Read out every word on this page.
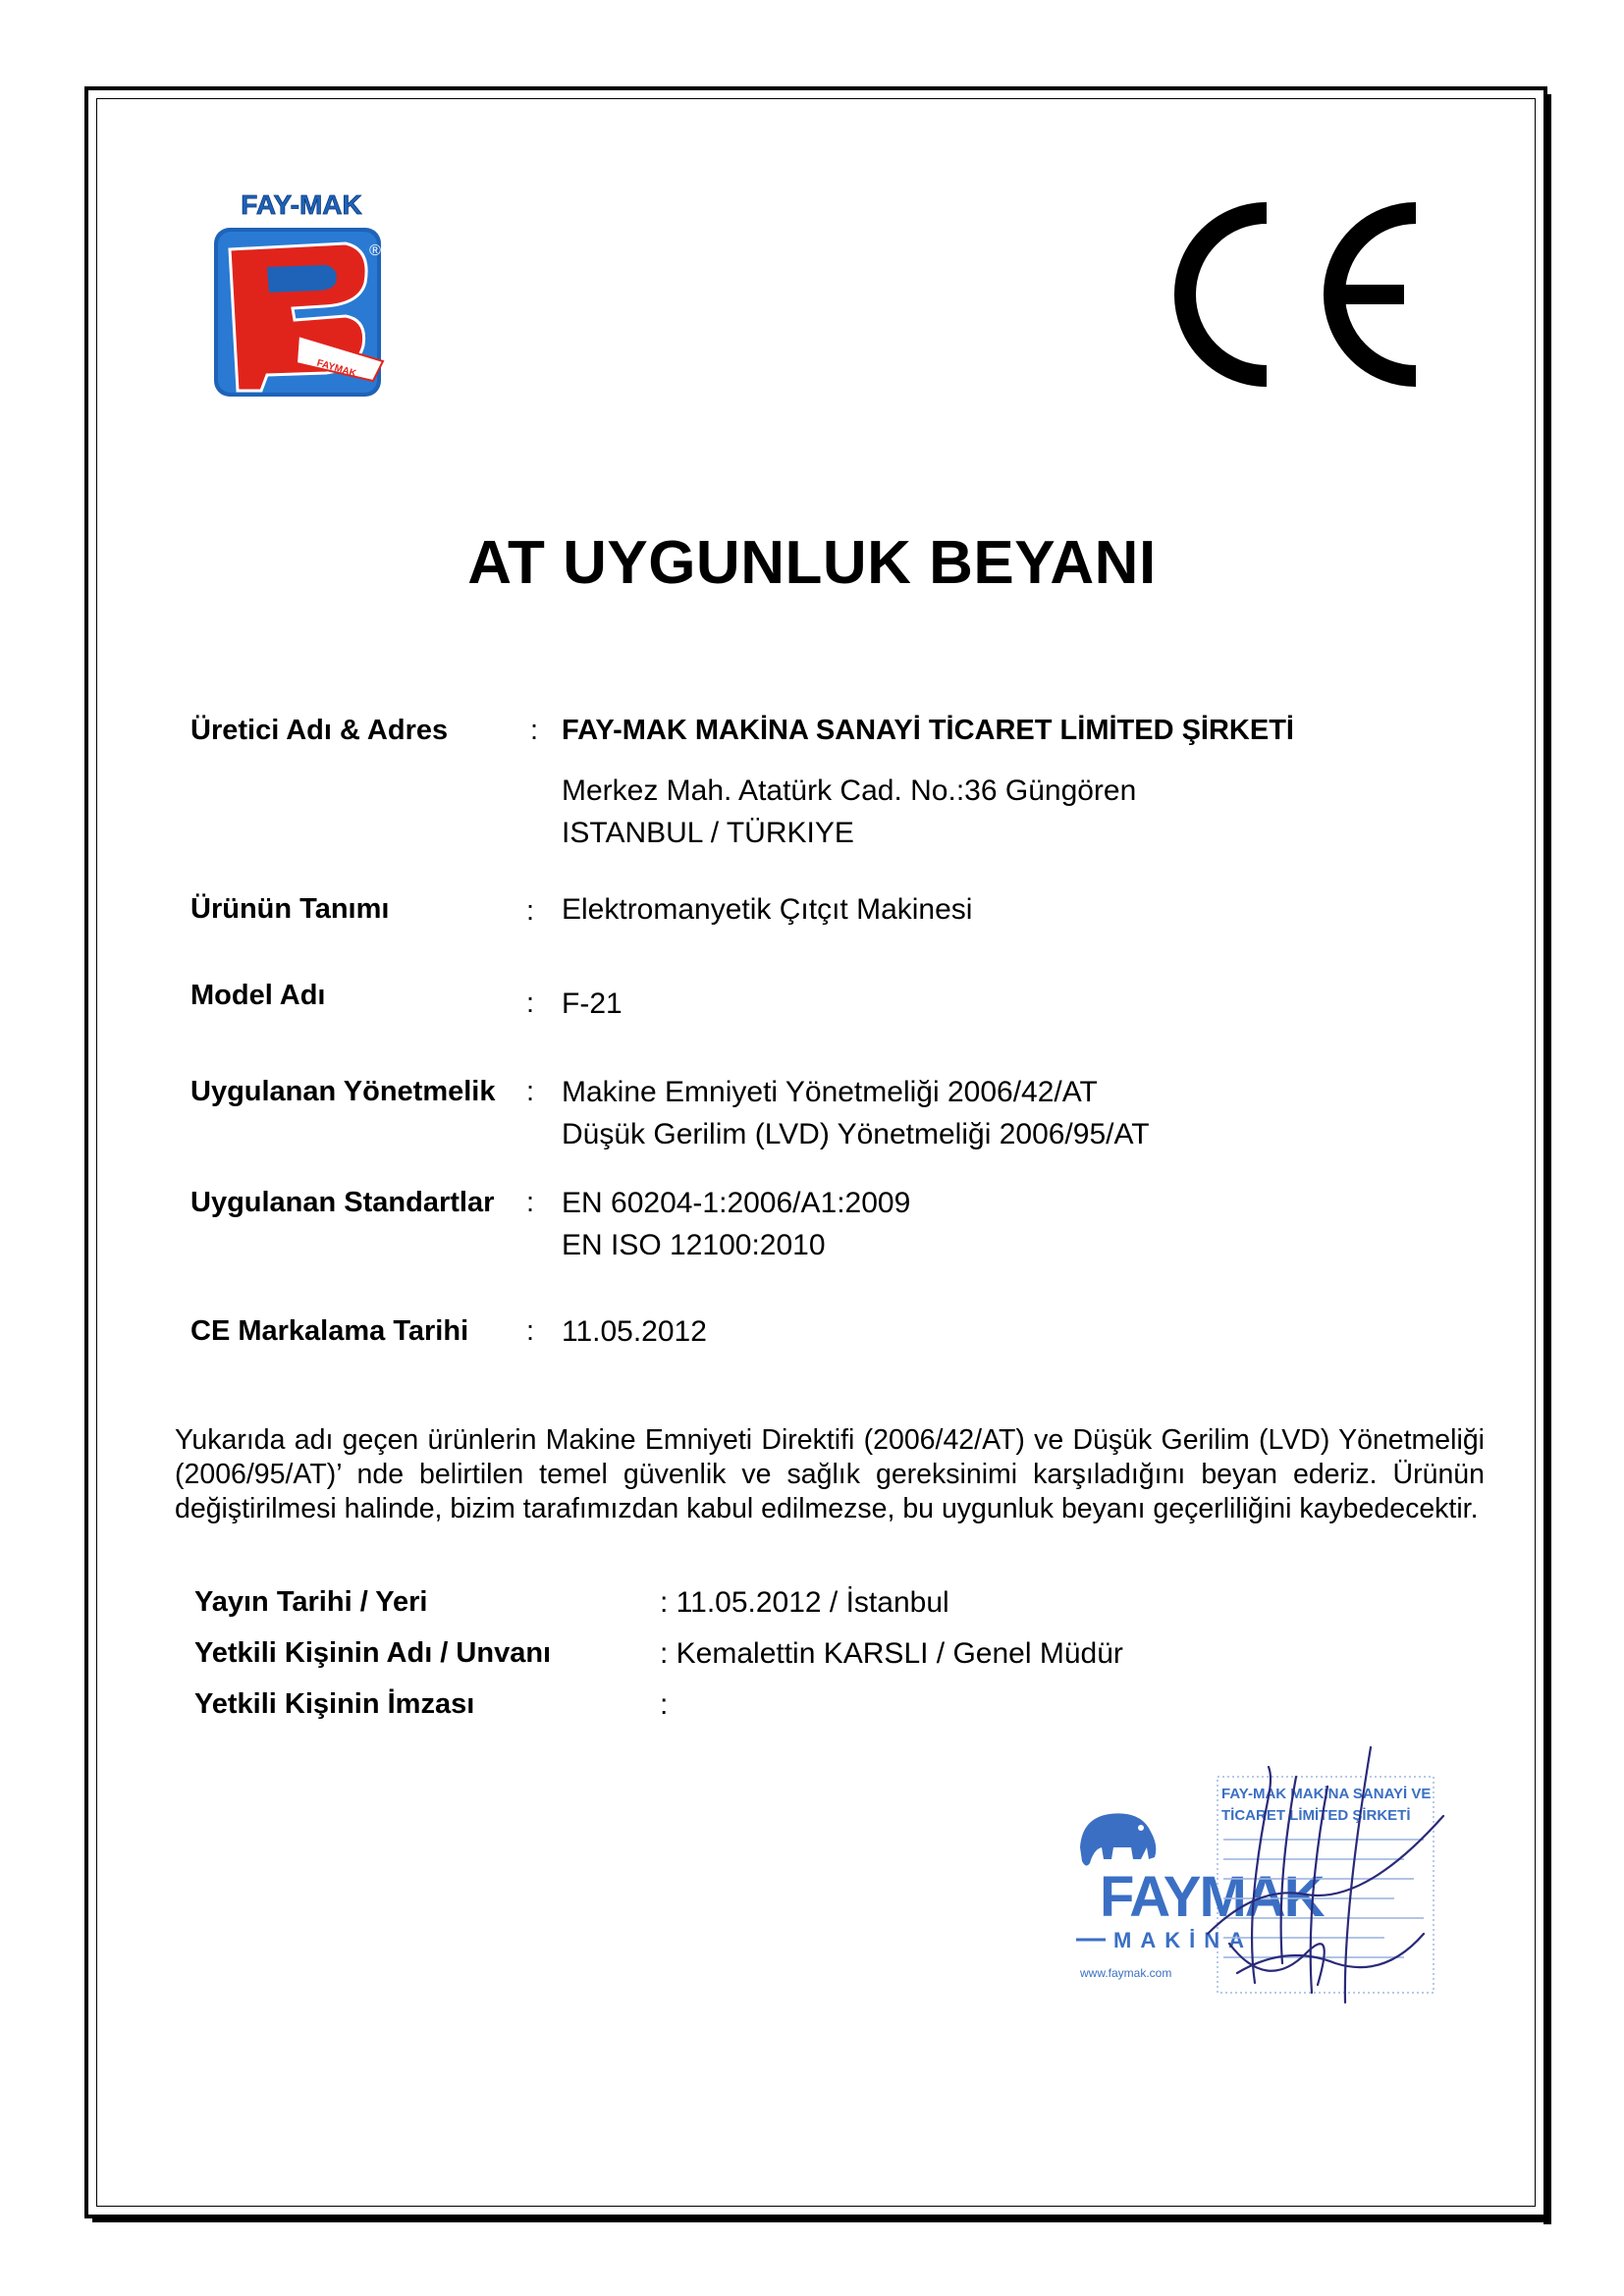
FAY-MAK
FAYMAK
®
AT UYGUNLUK BEYANI
Üretici Adı & Adres	: FAY-MAK MAKİNA SANAYİ TİCARET LİMİTED ŞİRKETİ
Merkez Mah. Atatürk Cad. No.:36 Güngören
ISTANBUL / TÜRKIYE
Ürünün Tanımı	: Elektromanyetik Çıtçıt Makinesi
Model Adı	: F-21
Uygulanan Yönetmelik : Makine Emniyeti Yönetmeliği 2006/42/AT
Düşük Gerilim (LVD) Yönetmeliği 2006/95/AT
Uygulanan Standartlar : EN 60204-1:2006/A1:2009
EN ISO 12100:2010
CE Markalama Tarihi : 11.05.2012
Yukarıda adı geçen ürünlerin Makine Emniyeti Direktifi (2006/42/AT) ve Düşük Gerilim (LVD) Yönetmeliği (2006/95/AT)’ nde belirtilen temel güvenlik ve sağlık gereksinimi karşıladığını beyan ederiz. Ürünün değiştirilmesi halinde, bizim tarafımızdan kabul edilmezse, bu uygunluk beyanı geçerliliğini kaybedecektir.
Yayın Tarihi / Yeri	: 11.05.2012 / İstanbul
Yetkili Kişinin Adı / Unvanı	: Kemalettin KARSLI / Genel Müdür
Yetkili Kişinin İmzası	:
FAYMAK
MAKİNA
www.faymak.com
FAY-MAK MAKİNA SANAYİ VE
TİCARET LİMİTED ŞİRKETİ
